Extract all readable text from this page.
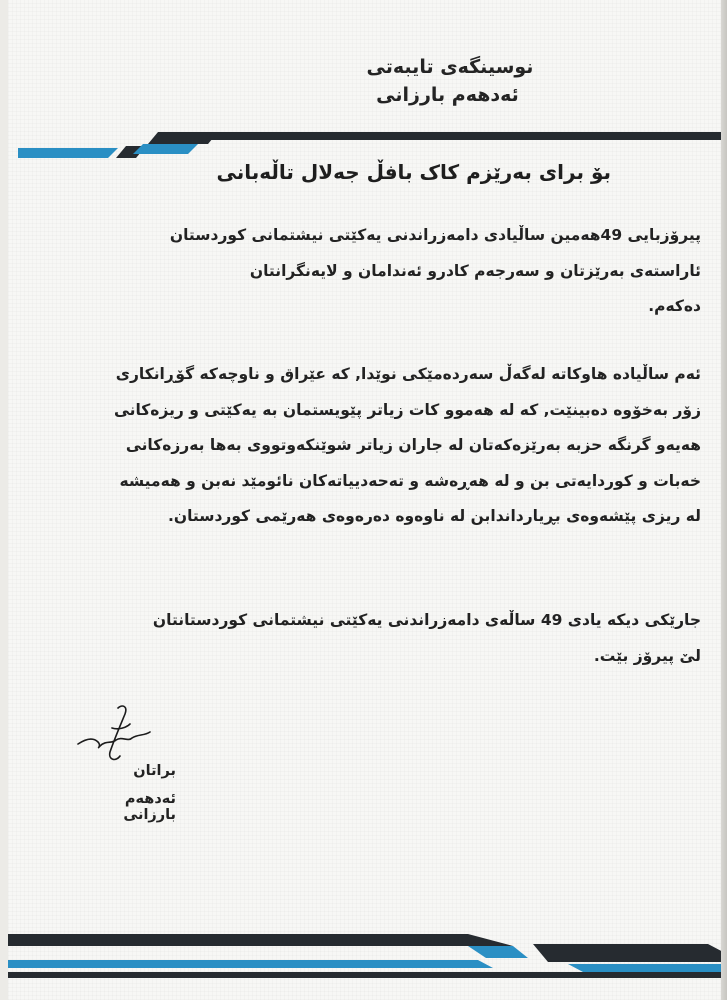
نوسینگەی تایبەتی
ئەدهەم بارزانی
بۆ برای بەرێزم کاک بافڵ جەلال تاڵەبانی
پیرۆزبایی 49هەمین ساڵیادی دامەزراندنی یەکێتی نیشتمانی کوردستان
ئاراستەی بەرێزتان و سەرجەم کادرو ئەندامان و لایەنگرانتان
دەکەم.
ئەم ساڵیادە هاوکاتە لەگەڵ سەردەمێکی نوێدا, کە عێراق و ناوچەکە گۆڕانکاری
زۆر بەخۆوە دەبینێت, کە لە هەموو کات زیاتر پێویستمان بە یەکێتی و ریزەکانی
هەیەو گرنگە حزبە بەرێزەکەتان لە جاران زیاتر شوێنکەوتووی بەها بەرزەکانی
خەبات و کوردایەتی بن و لە هەڕەشە و تەحەدییاتەکان نائومێد نەبن و هەمیشە
لە ریزی پێشەوەی بڕیارداندابن لە ناوەوە دەرەوەی هەرێمی کوردستان.
جارێکی دیکە یادی 49 ساڵەی دامەزراندنی یەکێتی نیشتمانی کوردستانتان
لێ پیرۆز بێت.
براتان
ئەدهەم بارزانی
